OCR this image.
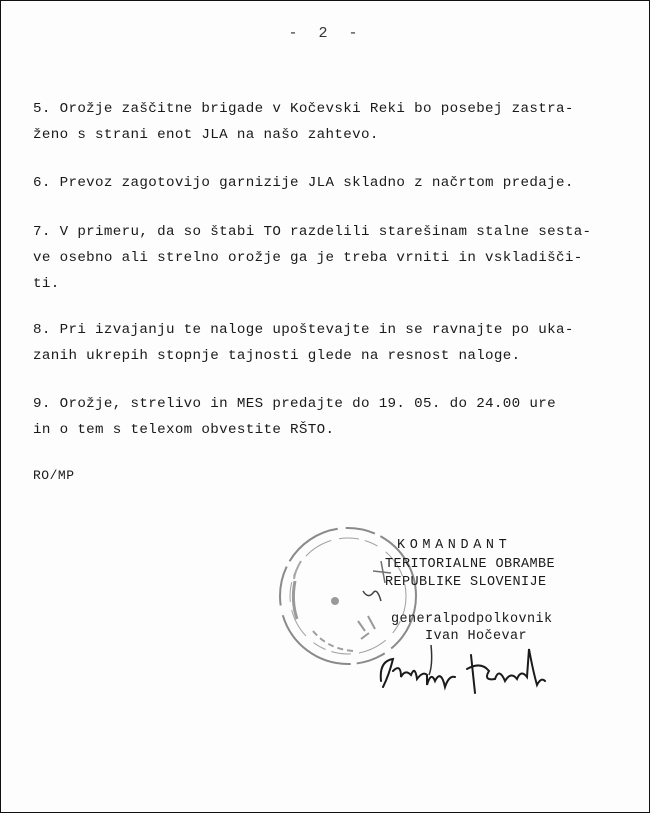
- 2 -
5. Orožje zaščitne brigade v Kočevski Reki bo posebej zastra-
ženo s strani enot JLA na našo zahtevo.
6. Prevoz zagotovijo garnizije JLA skladno z načrtom predaje.
7. V primeru, da so štabi TO razdelili starešinam stalne sesta-
ve osebno ali strelno orožje ga je treba vrniti in vskladišči-
ti.
8. Pri izvajanju te naloge upoštevajte in se ravnajte po uka-
zanih ukrepih stopnje tajnosti glede na resnost naloge.
9. Orožje, strelivo in MES predajte do 19. 05. do 24.00 ure
in o tem s telexom obvestite RŠTO.
RO/MP
KOMANDANT
TERITORIALNE OBRAMBE
REPUBLIKE SLOVENIJE

generalpodpolkovnik
Ivan Hočevar
